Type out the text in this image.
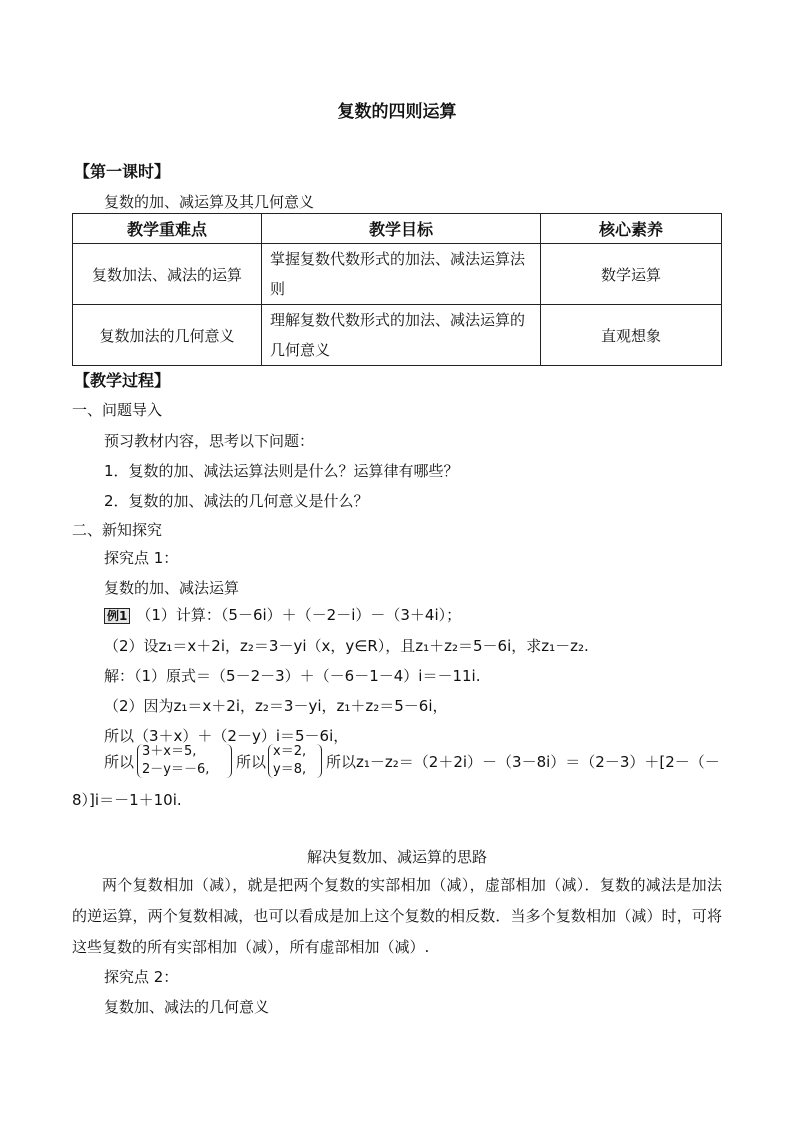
复数的四则运算
【第一课时】
复数的加、减运算及其几何意义
教学重难点	教学目标	核心素养
复数加法、减法的运算	掌握复数代数形式的加法、减法运算法则	数学运算
复数加法的几何意义	理解复数代数形式的加法、减法运算的几何意义	直观想象
【教学过程】
一、问题导入
预习教材内容，思考以下问题：
1．复数的加、减法运算法则是什么？运算律有哪些？
2．复数的加、减法的几何意义是什么？
二、新知探究
探究点 1：
复数的加、减法运算
例1 （1）计算：（5－6i）＋（－2－i）－（3＋4i）；
（2）设z₁＝x＋2i，z₂＝3－yi（x，y∈R），且z₁＋z₂＝5－6i，求z₁－z₂.
解：（1）原式＝（5－2－3）＋（－6－1－4）i＝－11i.
（2）因为z₁＝x＋2i，z₂＝3－yi，z₁＋z₂＝5－6i，
所以（3＋x）＋（2－y）i＝5－6i，
所以
3＋x＝5,
2－y＝－6, 所以
x＝2,
y＝8, 所以z₁－z₂＝（2＋2i）－（3－8i）＝（2－3）＋[2－（－
8）]i＝－1＋10i.
解决复数加、减运算的思路
两个复数相加（减），就是把两个复数的实部相加（减），虚部相加（减）．复数的减法是加法的逆运算，两个复数相减，也可以看成是加上这个复数的相反数．当多个复数相加（减）时，可将这些复数的所有实部相加（减），所有虚部相加（减）.
探究点 2：
复数加、减法的几何意义
